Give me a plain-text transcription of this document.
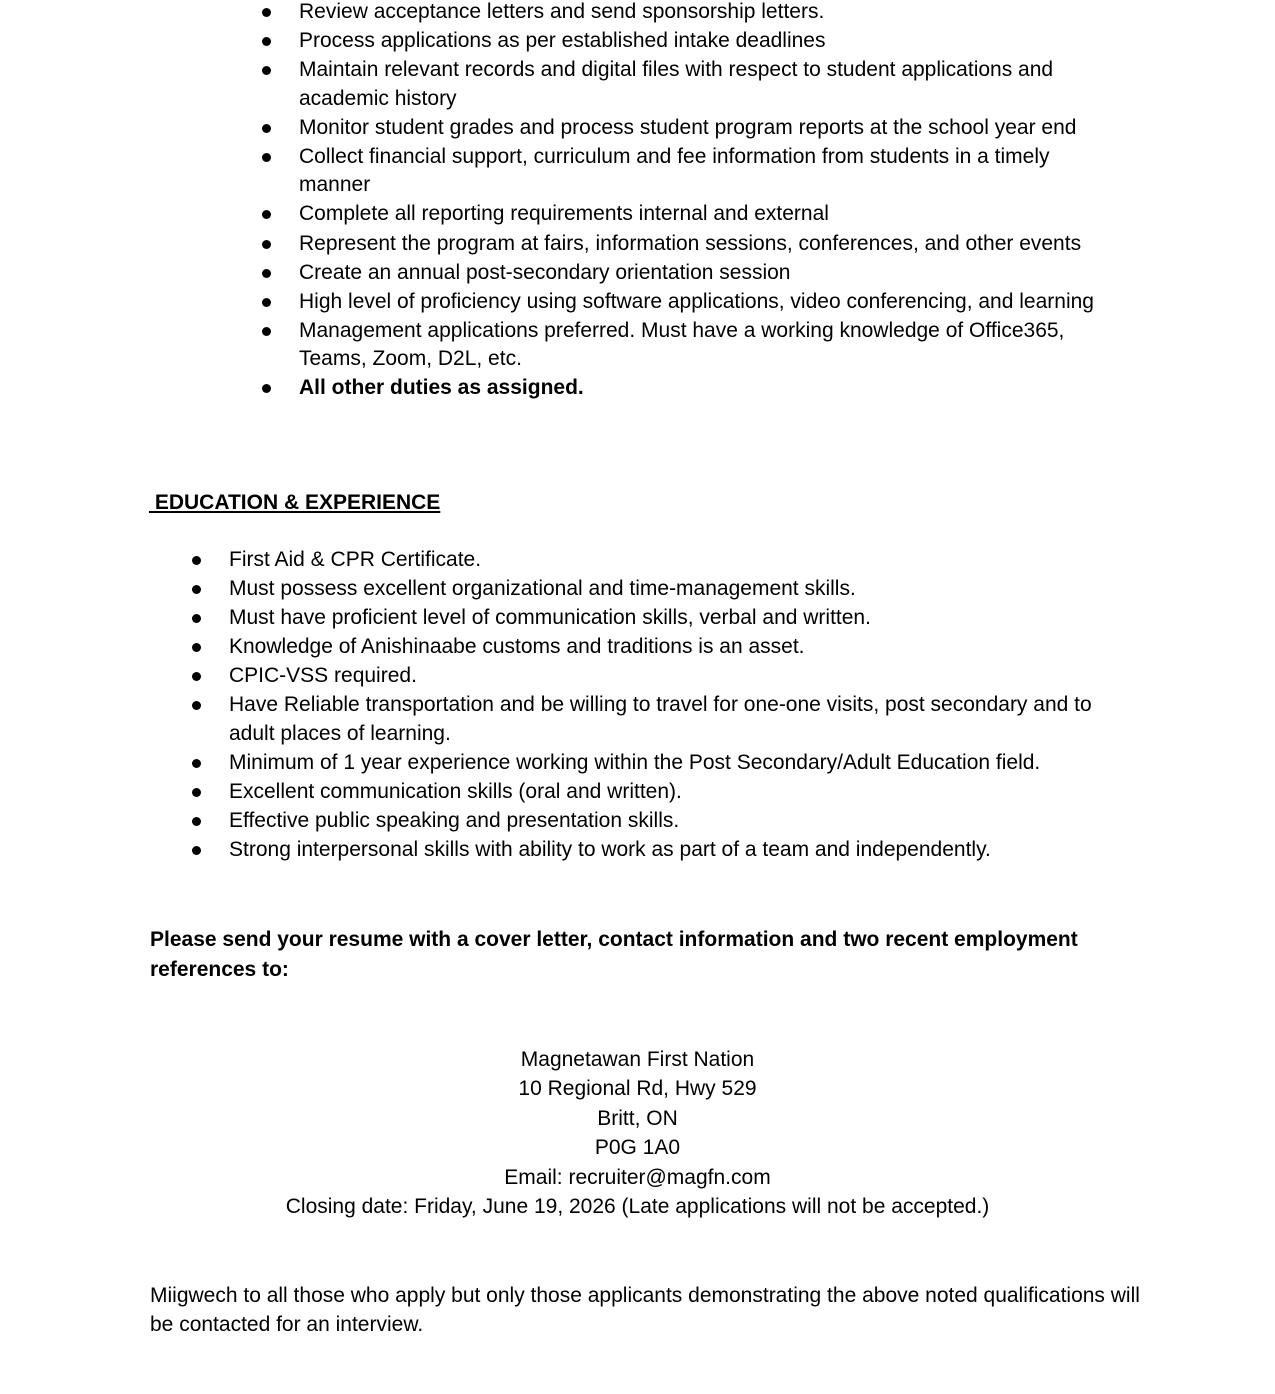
Review acceptance letters and send sponsorship letters.
Process applications as per established intake deadlines
Maintain relevant records and digital files with respect to student applications and academic history
Monitor student grades and process student program reports at the school year end
Collect financial support, curriculum and fee information from students in a timely manner
Complete all reporting requirements internal and external
Represent the program at fairs, information sessions, conferences, and other events
Create an annual post-secondary orientation session
High level of proficiency using software applications, video conferencing, and learning
Management applications preferred. Must have a working knowledge of Office365, Teams, Zoom, D2L, etc.
All other duties as assigned.
EDUCATION & EXPERIENCE
First Aid & CPR Certificate.
Must possess excellent organizational and time-management skills.
Must have proficient level of communication skills, verbal and written.
Knowledge of Anishinaabe customs and traditions is an asset.
CPIC-VSS required.
Have Reliable transportation and be willing to travel for one-one visits, post secondary and to adult places of learning.
Minimum of 1 year experience working within the Post Secondary/Adult Education field.
Excellent communication skills (oral and written).
Effective public speaking and presentation skills.
Strong interpersonal skills with ability to work as part of a team and independently.
Please send your resume with a cover letter, contact information and two recent employment references to:
Magnetawan First Nation
10 Regional Rd, Hwy 529
Britt, ON
P0G 1A0
Email: recruiter@magfn.com
Closing date: Friday, June 19, 2026 (Late applications will not be accepted.)
Miigwech to all those who apply but only those applicants demonstrating the above noted qualifications will be contacted for an interview.
